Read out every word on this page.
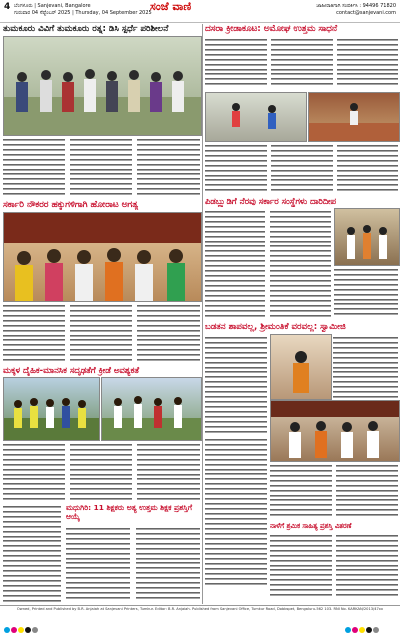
4 ಬೆಂಗಳೂರು | Sanjevani, Bangalore
ಗುರುವಾರ 04 ಸೆಪ್ಟೆಂಬರ್ 2025 | Thursday, 04 September 2025
ಸಂಜೆ ವಾಣಿ	ಜಾಹೀರಾತಿಗಾಗಿ ಸಂಪರ್ಕಿಸಿ : 94496 71820
contact@sanjevani.com
ತುಮಕೂರು ವಿವಿಗೆ ತುಮಕೂರು ರತ್ನ: ಡಿಸಿ ಸ್ಪರ್ಧೆ ಪರಿಶೀಲನೆ
ಸರ್ಕಾರಿ ನೌಕರರ ಹಕ್ಕುಗಳಿಗಾಗಿ ಹೋರಾಟ ಅಗತ್ಯ
ಮಕ್ಕಳ ದೈಹಿಕ-ಮಾನಸಿಕ ಸದೃಢತೆಗೆ ಕ್ರೀಡೆ ಅವಶ್ಯಕತೆ
ಮಧುಗಿರಿ: 11 ಶಿಕ್ಷಕರು ಅತ್ಯ ಉತ್ತಮ ಶಿಕ್ಷಕ ಪ್ರಶಸ್ತಿಗೆ ಆಯ್ಕೆ
ದಸರಾ ಕ್ರೀಡಾಕೂಟ: ಅಮೋಘ ಉತ್ತಮ ಸಾಧನೆ
ಪಿಡಬ್ಲ್ಯುಡಿಗೆ ನೆರವು ಸರ್ಕಾರ ಸಂಸ್ಥೆಗಳು ದಾರಿದೀಪ
ಬಡತನ ಶಾಪವಲ್ಲ, ಶ್ರೀಮಂತಿಕೆ ವರವಲ್ಲ: ಸ್ವಾಮೀಜಿ
ನಾಳೆಗೆ ಶ್ರಮಿಕ ಸಾಹಿತ್ಯ ಪ್ರಶಸ್ತಿ ವಿತರಣೆ
Owned, Printed and Published by B.R. Anjaiah at Sanjevani Printers, Tumkur. Editor: B.R. Anjaiah. Published from Sanjevani Office, Tumkur Road, Dobbspet, Bengaluru-562 103. RNI No. KARKAN/2013/47xx
